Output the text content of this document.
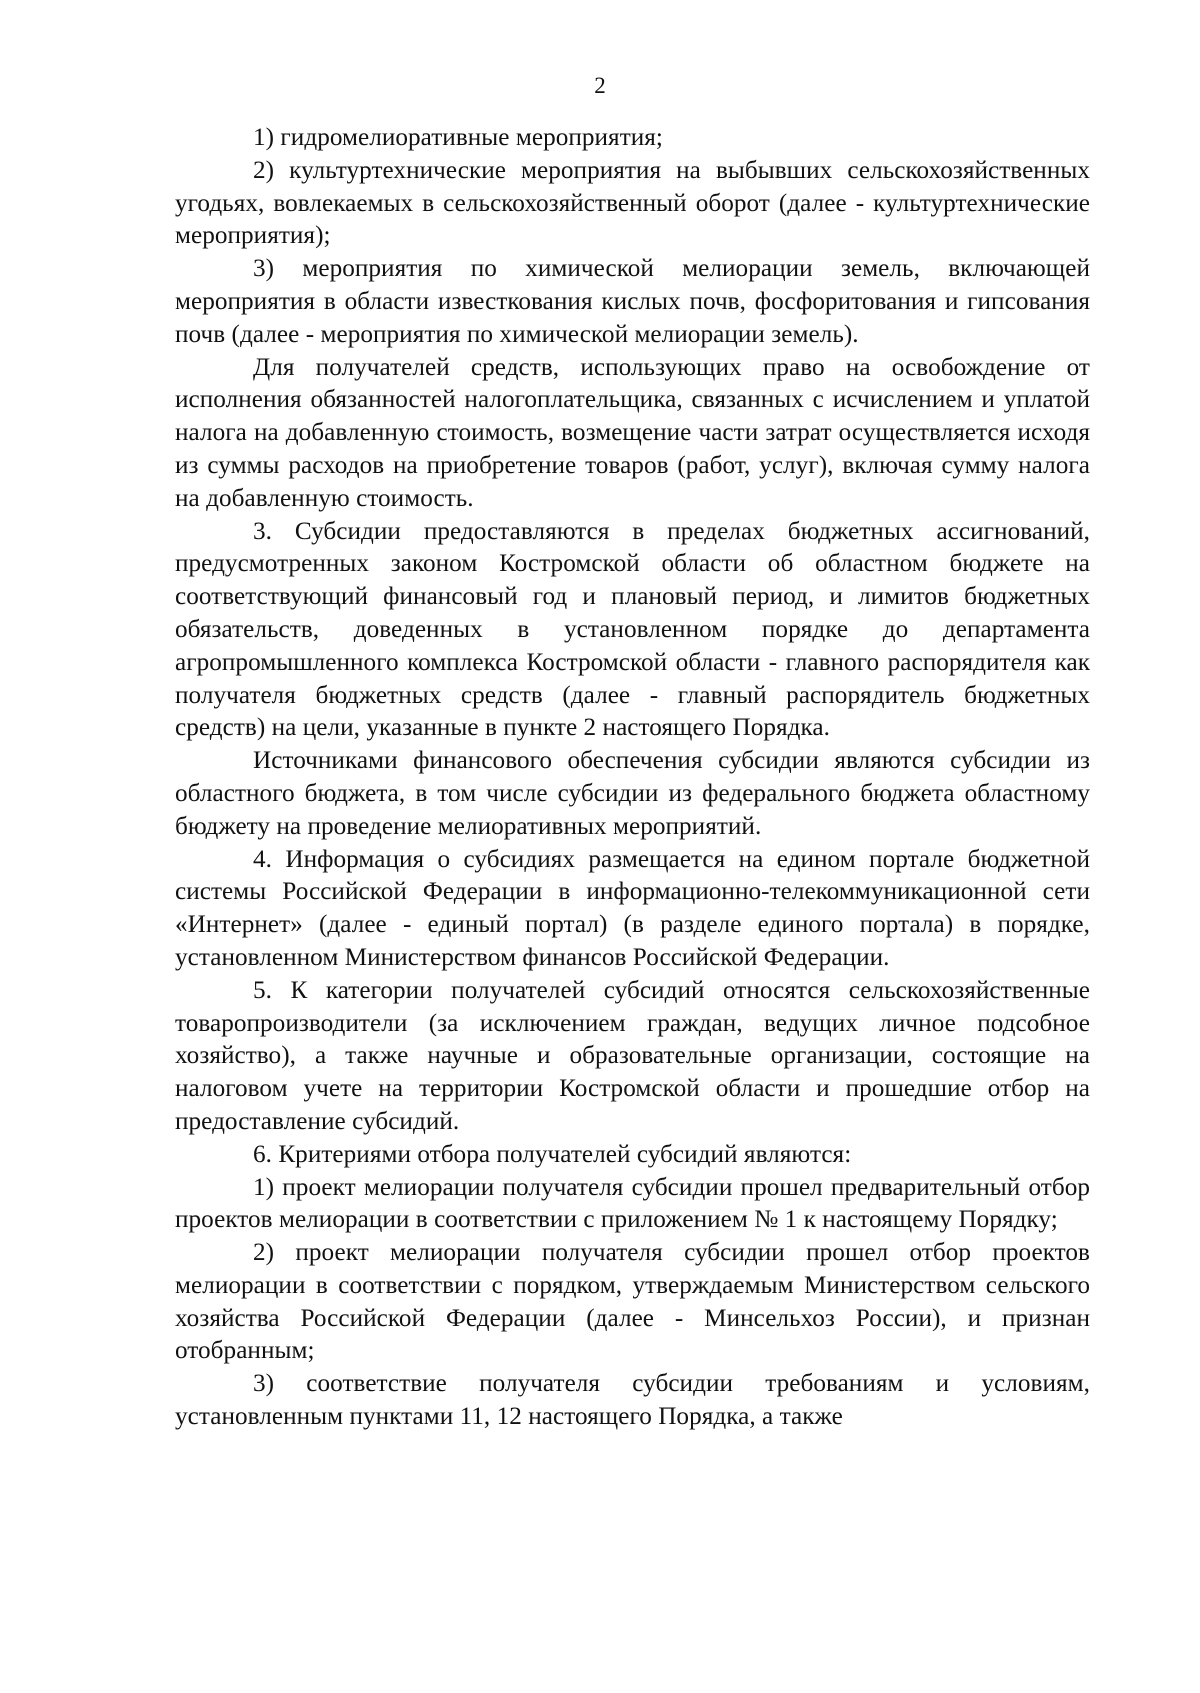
2

1) гидромелиоративные мероприятия;

2) культуртехнические мероприятия на выбывших сельскохозяйственных угодьях, вовлекаемых в сельскохозяйственный оборот (далее - культуртехнические мероприятия);

3) мероприятия по химической мелиорации земель, включающей мероприятия в области известкования кислых почв, фосфоритования и гипсования почв (далее - мероприятия по химической мелиорации земель).

Для получателей средств, использующих право на освобождение от исполнения обязанностей налогоплательщика, связанных с исчислением и уплатой налога на добавленную стоимость, возмещение части затрат осуществляется исходя из суммы расходов на приобретение товаров (работ, услуг), включая сумму налога на добавленную стоимость.

3. Субсидии предоставляются в пределах бюджетных ассигнований, предусмотренных законом Костромской области об областном бюджете на соответствующий финансовый год и плановый период, и лимитов бюджетных обязательств, доведенных в установленном порядке до департамента агропромышленного комплекса Костромской области - главного распорядителя как получателя бюджетных средств (далее - главный распорядитель бюджетных средств) на цели, указанные в пункте 2 настоящего Порядка.

Источниками финансового обеспечения субсидии являются субсидии из областного бюджета, в том числе субсидии из федерального бюджета областному бюджету на проведение мелиоративных мероприятий.

4. Информация о субсидиях размещается на едином портале бюджетной системы Российской Федерации в информационно-телекоммуникационной сети «Интернет» (далее - единый портал) (в разделе единого портала) в порядке, установленном Министерством финансов Российской Федерации.

5. К категории получателей субсидий относятся сельскохозяйственные товаропроизводители (за исключением граждан, ведущих личное подсобное хозяйство), а также научные и образовательные организации, состоящие на налоговом учете на территории Костромской области и прошедшие отбор на предоставление субсидий.

6. Критериями отбора получателей субсидий являются:

1) проект мелиорации получателя субсидии прошел предварительный отбор проектов мелиорации в соответствии с приложением № 1 к настоящему Порядку;

2) проект мелиорации получателя субсидии прошел отбор проектов мелиорации в соответствии с порядком, утверждаемым Министерством сельского хозяйства Российской Федерации (далее - Минсельхоз России), и признан отобранным;

3) соответствие получателя субсидии требованиям и условиям, установленным пунктами 11, 12 настоящего Порядка, а также
